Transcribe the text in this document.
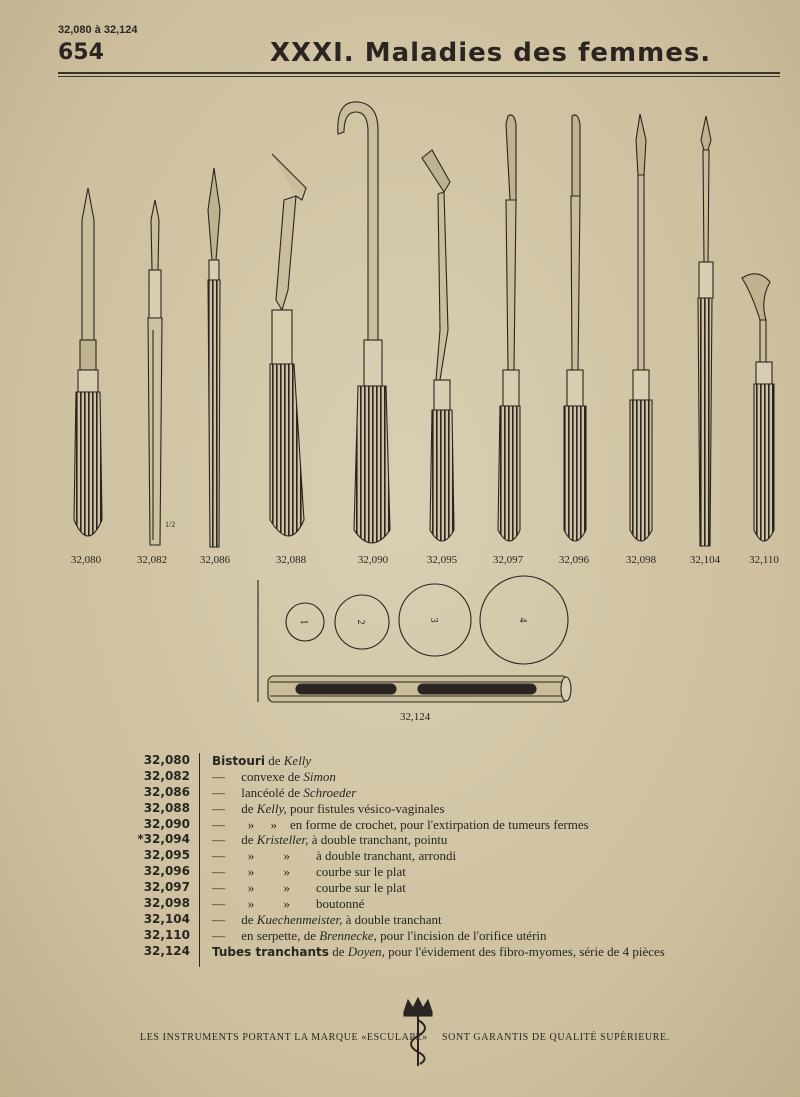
32,080 à 32,124
654	XXXI. Maladies des femmes.
1	2	3	4
32,080	32,082	32,086	32,088	32,090	32,095	32,097	32,096	32,098	32,104	32,110
1/2
32,124
32,080 Bistouri de Kelly
32,082 —     convexe de Simon
32,086 —     lancéolé de Schroeder
32,088 —     de Kelly, pour fistules vésico-vaginales
32,090 —       »     »    en forme de crochet, pour l'extirpation de tumeurs fermes
*32,094 —     de Kristeller, à double tranchant, pointu
32,095 —       »         »        à double tranchant, arrondi
32,096 —       »         »        courbe sur le plat
32,097 —       »         »        courbe sur le plat
32,098 —       »         »        boutonné
32,104 —     de Kuechenmeister, à double tranchant
32,110 —     en serpette, de Brennecke, pour l'incision de l'orifice utérin
32,124 Tubes tranchants de Doyen, pour l'évidement des fibro-myomes, série de 4 pièces
LES INSTRUMENTS PORTANT LA MARQUE «ESCULAPE» SONT GARANTIS DE QUALITÉ SUPÉRIEURE.
